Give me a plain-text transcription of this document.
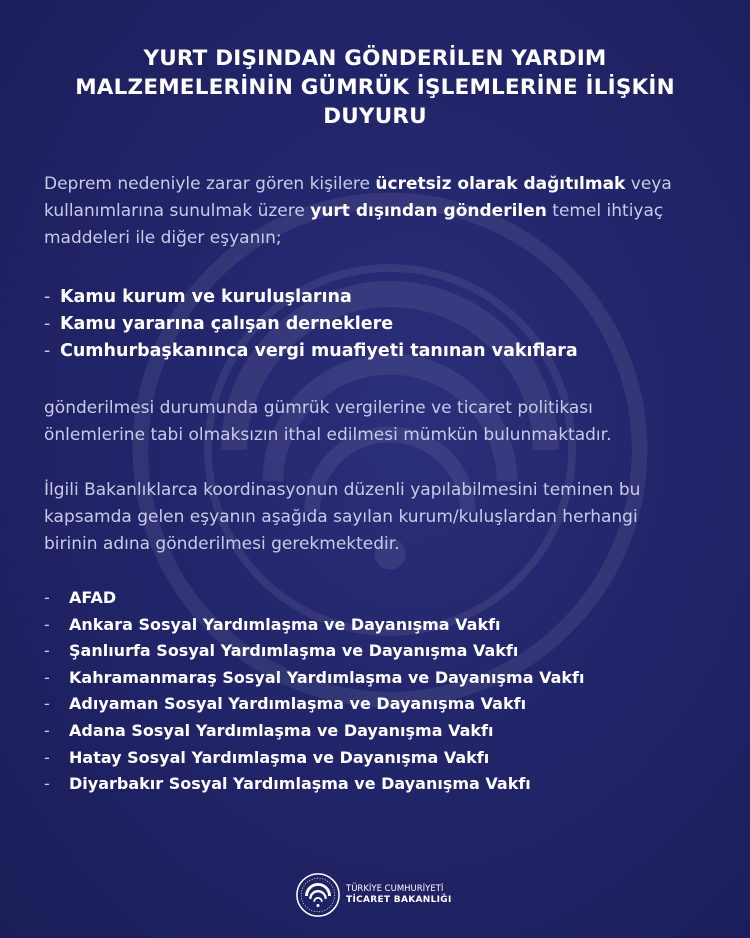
YURT DIŞINDAN GÖNDERİLEN YARDIM
MALZEMELERİNİN GÜMRÜK İŞLEMLERİNE İLİŞKİN
DUYURU
Deprem nedeniyle zarar gören kişilere ücretsiz olarak dağıtılmak veya
kullanımlarına sunulmak üzere yurt dışından gönderilen temel ihtiyaç
maddeleri ile diğer eşyanın;
- Kamu kurum ve kuruluşlarına
- Kamu yararına çalışan derneklere
- Cumhurbaşkanınca vergi muafiyeti tanınan vakıflara
gönderilmesi durumunda gümrük vergilerine ve ticaret politikası
önlemlerine tabi olmaksızın ithal edilmesi mümkün bulunmaktadır.
İlgili Bakanlıklarca koordinasyonun düzenli yapılabilmesini teminen bu
kapsamda gelen eşyanın aşağıda sayılan kurum/kuluşlardan herhangi
birinin adına gönderilmesi gerekmektedir.
- AFAD
- Ankara Sosyal Yardımlaşma ve Dayanışma Vakfı
- Şanlıurfa Sosyal Yardımlaşma ve Dayanışma Vakfı
- Kahramanmaraş Sosyal Yardımlaşma ve Dayanışma Vakfı
- Adıyaman Sosyal Yardımlaşma ve Dayanışma Vakfı
- Adana Sosyal Yardımlaşma ve Dayanışma Vakfı
- Hatay Sosyal Yardımlaşma ve Dayanışma Vakfı
- Diyarbakır Sosyal Yardımlaşma ve Dayanışma Vakfı
TÜRKİYE CUMHURİYETİ
TİCARET BAKANLIĞI
